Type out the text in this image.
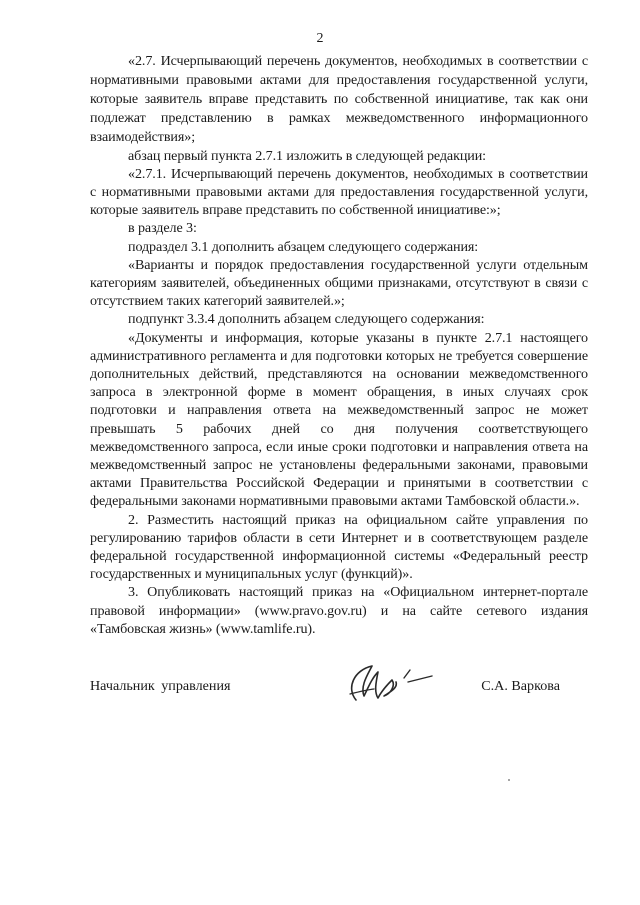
2

«2.7. Исчерпывающий перечень документов, необходимых в соответствии с нормативными правовыми актами для предоставления государственной услуги, которые заявитель вправе представить по собственной инициативе, так как они подлежат представлению в рамках межведомственного информационного взаимодействия»;

абзац первый пункта 2.7.1 изложить в следующей редакции:

«2.7.1. Исчерпывающий перечень документов, необходимых в соответствии с нормативными правовыми актами для предоставления государственной услуги, которые заявитель вправе представить по собственной инициативе:»;

в разделе 3:

подраздел 3.1 дополнить абзацем следующего содержания:

«Варианты и порядок предоставления государственной услуги отдельным категориям заявителей, объединенных общими признаками, отсутствуют в связи с отсутствием таких категорий заявителей.»;

подпункт 3.3.4 дополнить абзацем следующего содержания:

«Документы и информация, которые указаны в пункте 2.7.1 настоящего административного регламента и для подготовки которых не требуется совершение дополнительных действий, представляются на основании межведомственного запроса в электронной форме в момент обращения, в иных случаях срок подготовки и направления ответа на межведомственный запрос не может превышать 5 рабочих дней со дня получения соответствующего межведомственного запроса, если иные сроки подготовки и направления ответа на межведомственный запрос не установлены федеральными законами, правовыми актами Правительства Российской Федерации и принятыми в соответствии с федеральными законами нормативными правовыми актами Тамбовской области.».

2. Разместить настоящий приказ на официальном сайте управления по регулированию тарифов области в сети Интернет и в соответствующем разделе федеральной государственной информационной системы «Федеральный реестр государственных и муниципальных услуг (функций)».

3. Опубликовать настоящий приказ на «Официальном интернет-портале правовой информации» (www.pravo.gov.ru) и на сайте сетевого издания «Тамбовская жизнь» (www.tamlife.ru).

Начальник управления	С.А. Варкова
